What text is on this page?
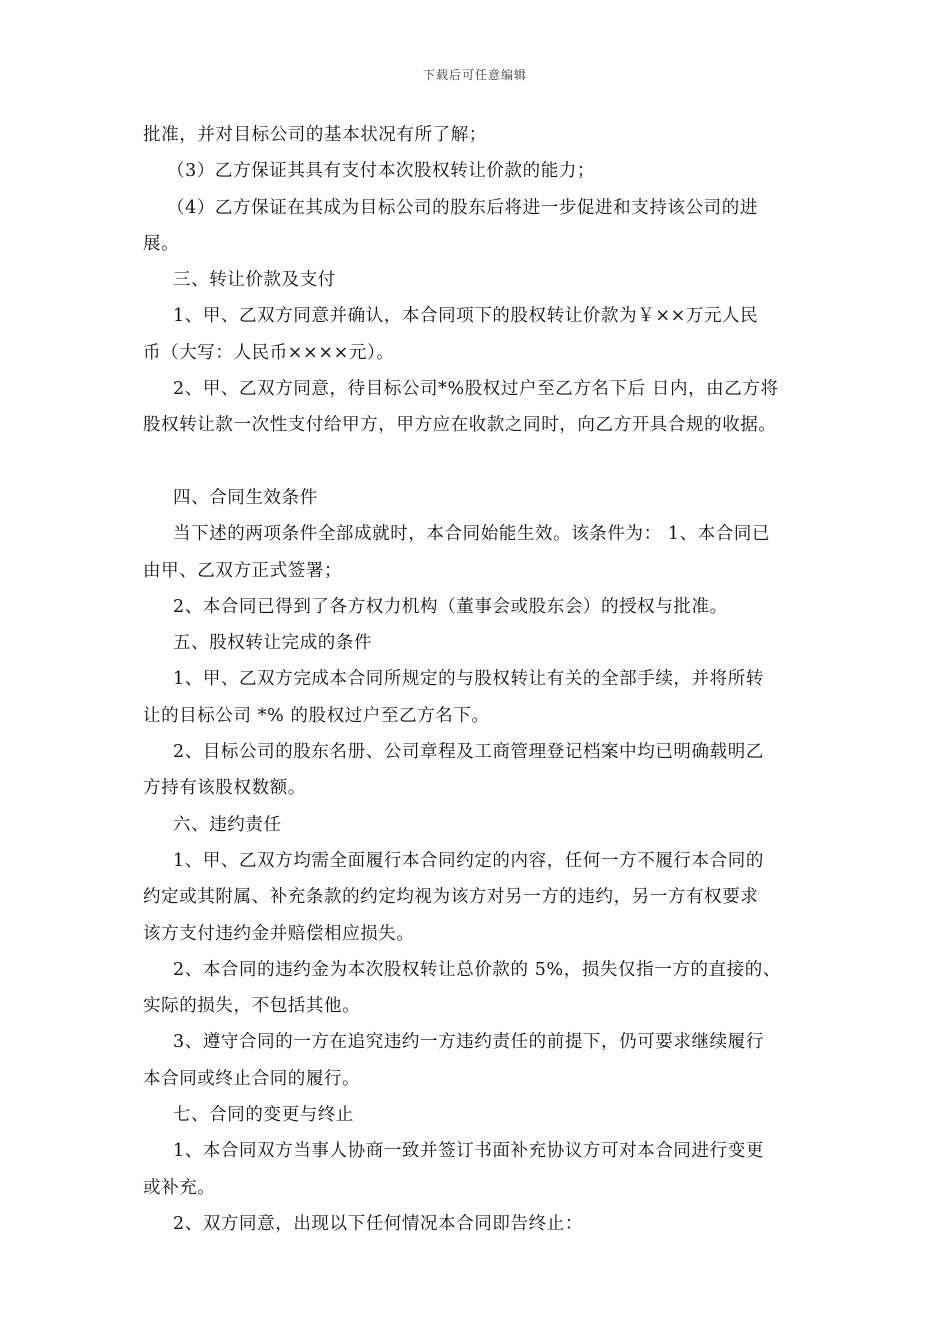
下载后可任意编辑
批准，并对目标公司的基本状况有所了解；
（3）乙方保证其具有支付本次股权转让价款的能力；
（4）乙方保证在其成为目标公司的股东后将进一步促进和支持该公司的进
展。
三、转让价款及支付
1、甲、乙双方同意并确认，本合同项下的股权转让价款为￥××万元人民
币（大写：人民币××××元）。
2、甲、乙双方同意，待目标公司*%股权过户至乙方名下后 日内，由乙方将
股权转让款一次性支付给甲方，甲方应在收款之同时，向乙方开具合规的收据。
四、合同生效条件
当下述的两项条件全部成就时，本合同始能生效。该条件为： 1、本合同已
由甲、乙双方正式签署；
2、本合同已得到了各方权力机构（董事会或股东会）的授权与批准。
五、股权转让完成的条件
1、甲、乙双方完成本合同所规定的与股权转让有关的全部手续，并将所转
让的目标公司 *% 的股权过户至乙方名下。
2、目标公司的股东名册、公司章程及工商管理登记档案中均已明确载明乙
方持有该股权数额。
六、违约责任
1、甲、乙双方均需全面履行本合同约定的内容，任何一方不履行本合同的
约定或其附属、补充条款的约定均视为该方对另一方的违约，另一方有权要求
该方支付违约金并赔偿相应损失。
2、本合同的违约金为本次股权转让总价款的 5%，损失仅指一方的直接的、
实际的损失，不包括其他。
3、遵守合同的一方在追究违约一方违约责任的前提下，仍可要求继续履行
本合同或终止合同的履行。
七、合同的变更与终止
1、本合同双方当事人协商一致并签订书面补充协议方可对本合同进行变更
或补充。
2、双方同意，出现以下任何情况本合同即告终止：
